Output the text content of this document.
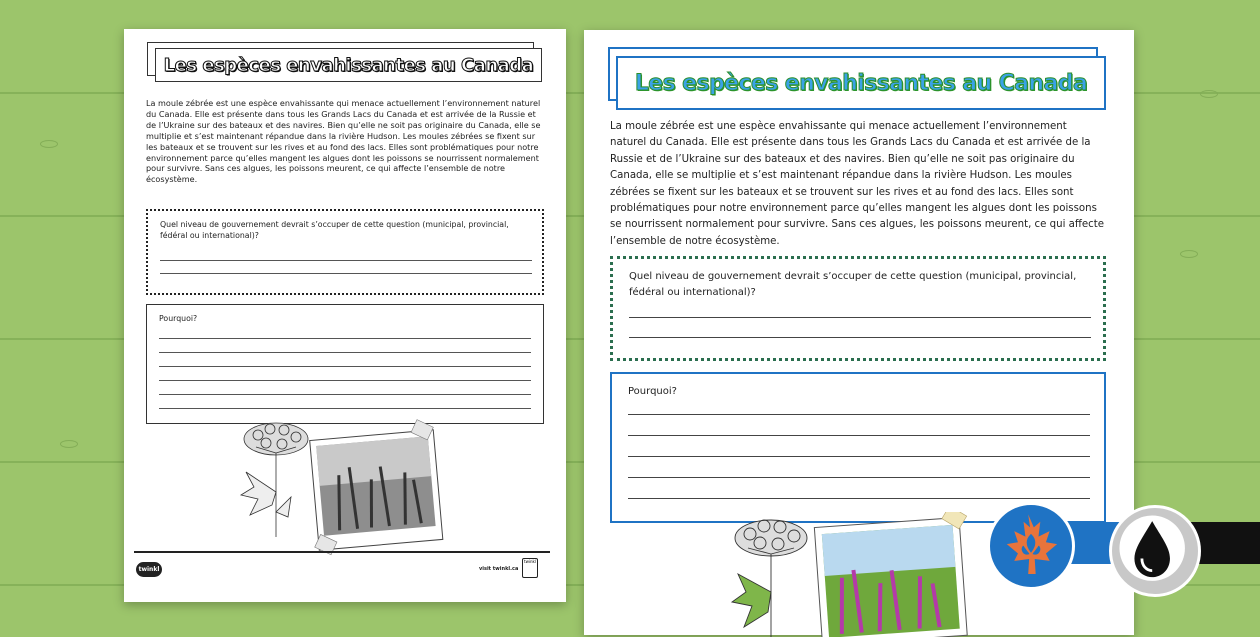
Les espèces envahissantes au Canada
La moule zébrée est une espèce envahissante qui menace actuellement l’environnement naturel du Canada. Elle est présente dans tous les Grands Lacs du Canada et est arrivée de la Russie et de l’Ukraine sur des bateaux et des navires. Bien qu’elle ne soit pas originaire du Canada, elle se multiplie et s’est maintenant répandue dans la rivière Hudson. Les moules zébrées se fixent sur les bateaux et se trouvent sur les rives et au fond des lacs. Elles sont problématiques pour notre environnement parce qu’elles mangent les algues dont les poissons se nourrissent normalement pour survivre. Sans ces algues, les poissons meurent, ce qui affecte l’ensemble de notre écosystème.
Quel niveau de gouvernement devrait s’occuper de cette question (municipal, provincial, fédéral ou international)?
Pourquoi?
twinkl	visit twinkl.ca
twinkl
Les espèces envahissantes au Canada
La moule zébrée est une espèce envahissante qui menace actuellement l’environnement naturel du Canada. Elle est présente dans tous les Grands Lacs du Canada et est arrivée de la Russie et de l’Ukraine sur des bateaux et des navires. Bien qu’elle ne soit pas originaire du Canada, elle se multiplie et s’est maintenant répandue dans la rivière Hudson. Les moules zébrées se fixent sur les bateaux et se trouvent sur les rives et au fond des lacs. Elles sont problématiques pour notre environnement parce qu’elles mangent les algues dont les poissons se nourrissent normalement pour survivre. Sans ces algues, les poissons meurent, ce qui affecte l’ensemble de notre écosystème.
Quel niveau de gouvernement devrait s’occuper de cette question (municipal, provincial, fédéral ou international)?
Pourquoi?
